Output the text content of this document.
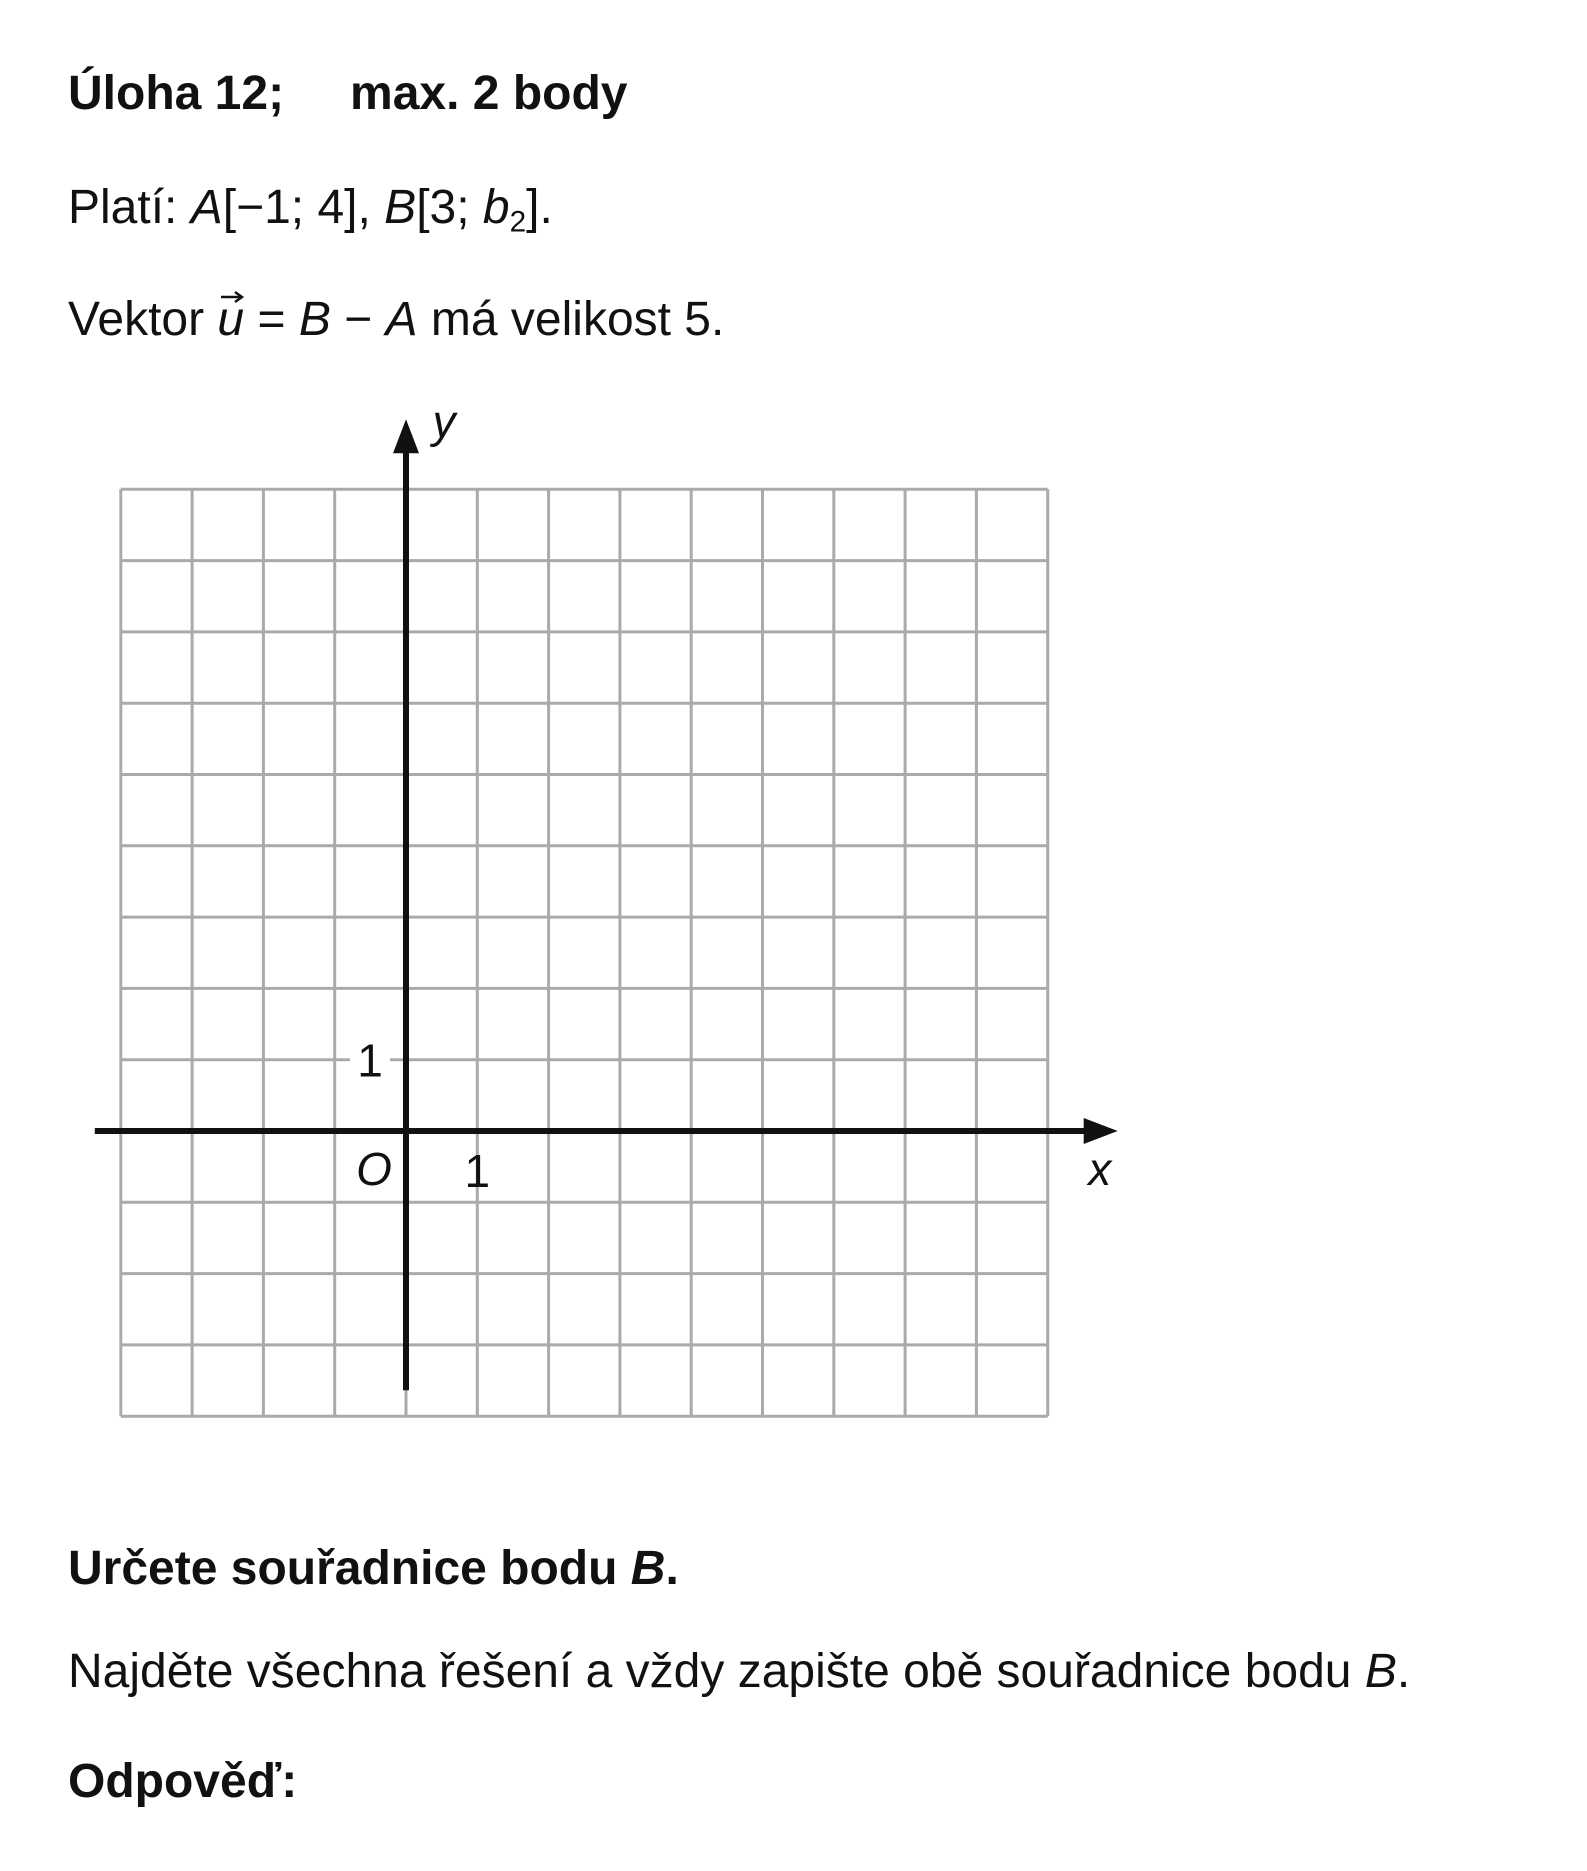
Úloha 12; max. 2 body
Platí: A[−1; 4], B[3; $b_2$].
Vektor
u = B − A má velikost 5.
x
y
O 1
1
Určete souřadnice bodu B.
Najděte všechna řešení a vždy zapište obě souřadnice bodu B.
Odpověď:
